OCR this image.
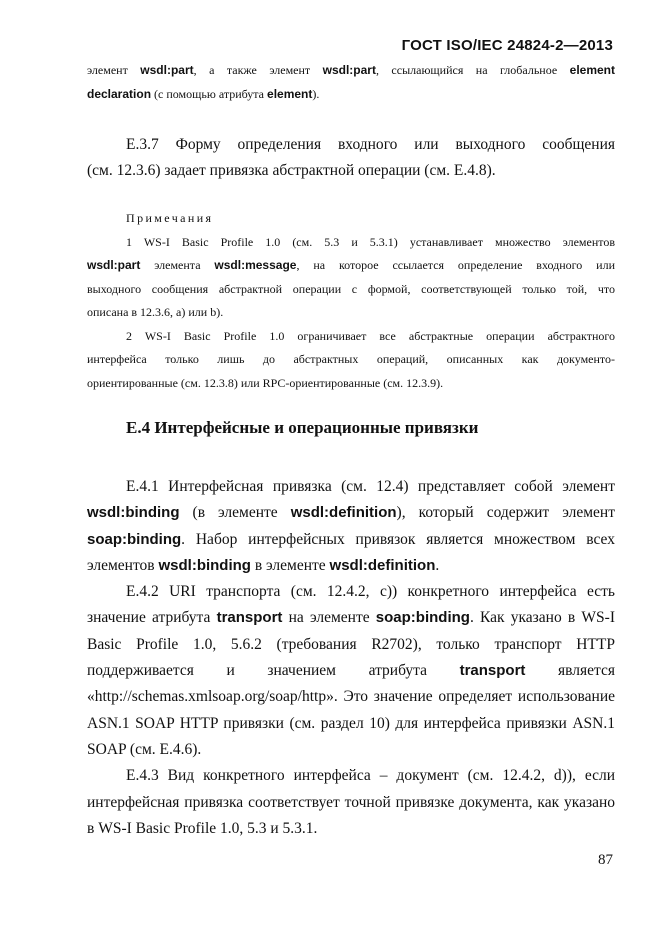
ГОСТ ISO/IEC 24824-2—2013

элемент wsdl:part, а также элемент wsdl:part, ссылающийся на глобальное element

declaration (с помощью атрибута element).

Е.3.7 Форму определения входного или выходного сообщения

(см. 12.3.6) задает привязка абстрактной операции (см. Е.4.8).

Примечания

1 WS-I Basic Profile 1.0 (см. 5.3 и 5.3.1) устанавливает множество элементов

wsdl:part элемента wsdl:message, на которое ссылается определение входного или

выходного сообщения абстрактной операции с формой, соответствующей только той, что

описана в 12.3.6, а) или b).

2 WS-I Basic Profile 1.0 ограничивает все абстрактные операции абстрактного

интерфейса только лишь до абстрактных операций, описанных как документо-

ориентированные (см. 12.3.8) или RPC-ориентированные (см. 12.3.9).

Е.4 Интерфейсные и операционные привязки

Е.4.1 Интерфейсная привязка (см. 12.4) представляет собой элемент

wsdl:binding (в элементе wsdl:definition), который содержит элемент

soap:binding. Набор интерфейсных привязок является множеством всех

элементов wsdl:binding в элементе wsdl:definition.

Е.4.2 URI транспорта (см. 12.4.2, с)) конкретного интерфейса есть

значение атрибута transport на элементе soap:binding. Как указано в WS-I

Basic Profile 1.0, 5.6.2 (требования R2702), только транспорт HTTP

поддерживается и значением атрибута transport является

«http://schemas.xmlsoap.org/soap/http». Это значение определяет использование

ASN.1 SOAP HTTP привязки (см. раздел 10) для интерфейса привязки ASN.1

SOAP (см. Е.4.6).

Е.4.3 Вид конкретного интерфейса – документ (см. 12.4.2, d)), если

интерфейсная привязка соответствует точной привязке документа, как указано

в WS-I Basic Profile 1.0, 5.3 и 5.3.1.

87
